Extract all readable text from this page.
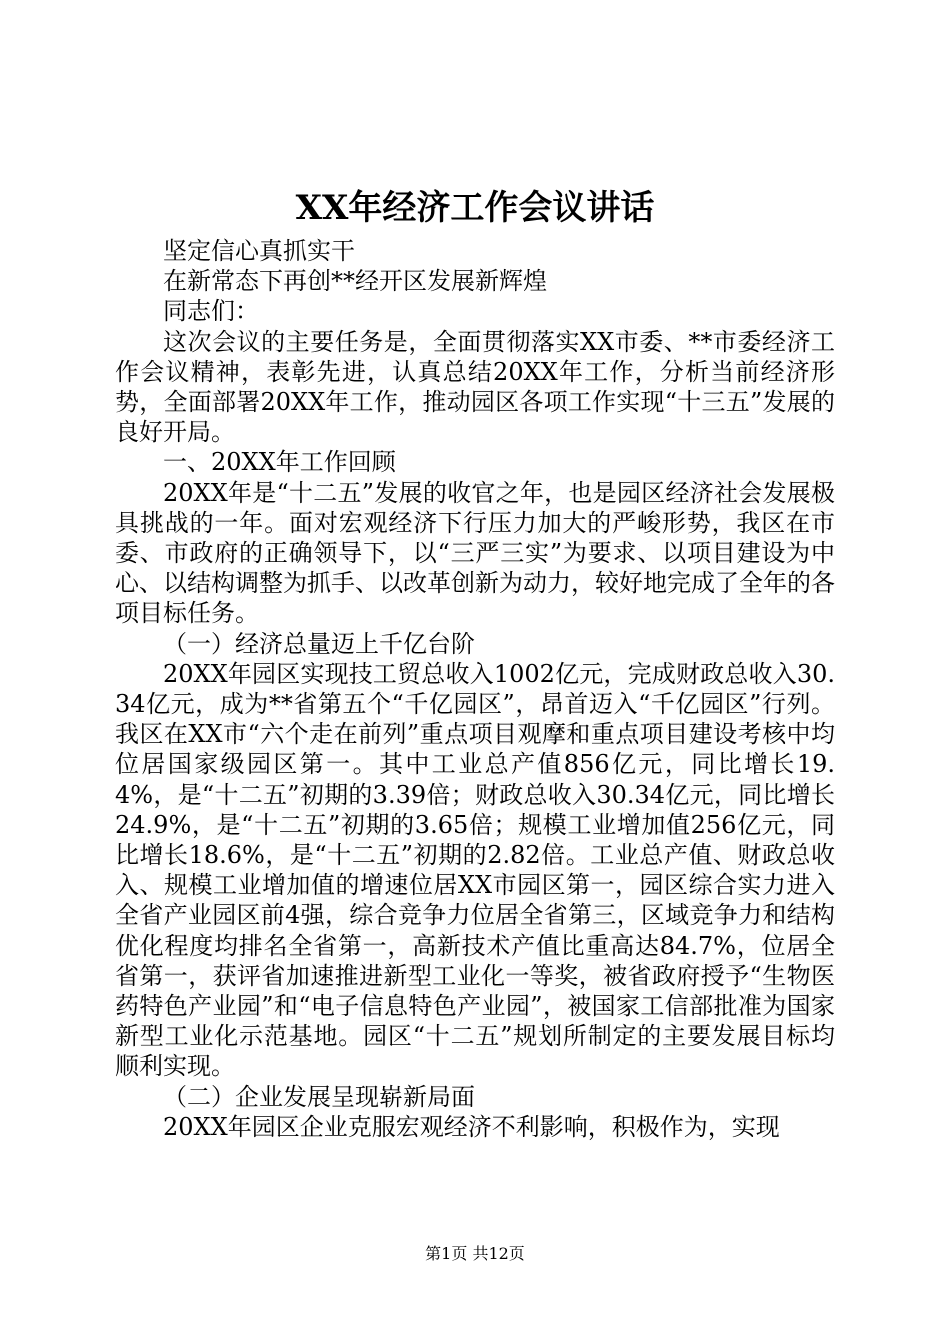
XX年经济工作会议讲话

坚定信心真抓实干

在新常态下再创**经开区发展新辉煌

同志们：

这次会议的主要任务是，全面贯彻落实XX市委、**市委经济工作会议精神，表彰先进，认真总结20XX年工作，分析当前经济形势，全面部署20XX年工作，推动园区各项工作实现“十三五”发展的良好开局。

一、20XX年工作回顾

20XX年是“十二五”发展的收官之年，也是园区经济社会发展极具挑战的一年。面对宏观经济下行压力加大的严峻形势，我区在市委、市政府的正确领导下，以“三严三实”为要求、以项目建设为中心、以结构调整为抓手、以改革创新为动力，较好地完成了全年的各项目标任务。

（一）经济总量迈上千亿台阶

20XX年园区实现技工贸总收入1002亿元，完成财政总收入30.34亿元，成为**省第五个“千亿园区”，昂首迈入“千亿园区”行列。我区在XX市“六个走在前列”重点项目观摩和重点项目建设考核中均位居国家级园区第一。其中工业总产值856亿元，同比增长19.4%，是“十二五”初期的3.39倍；财政总收入30.34亿元，同比增长24.9%，是“十二五”初期的3.65倍；规模工业增加值256亿元，同比增长18.6%，是“十二五”初期的2.82倍。工业总产值、财政总收入、规模工业增加值的增速位居XX市园区第一，园区综合实力进入全省产业园区前4强，综合竞争力位居全省第三，区域竞争力和结构优化程度均排名全省第一，高新技术产值比重高达84.7%，位居全省第一，获评省加速推进新型工业化一等奖，被省政府授予“生物医药特色产业园”和“电子信息特色产业园”，被国家工信部批准为国家新型工业化示范基地。园区“十二五”规划所制定的主要发展目标均顺利实现。

（二）企业发展呈现崭新局面

20XX年园区企业克服宏观经济不利影响，积极作为，实现

第1页 共12页
